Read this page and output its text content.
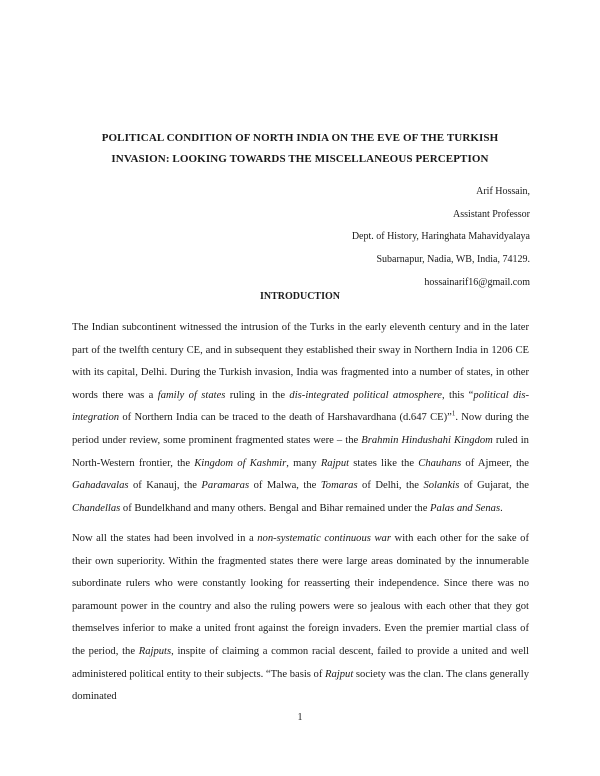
POLITICAL CONDITION OF NORTH INDIA ON THE EVE OF THE TURKISH
INVASION: LOOKING TOWARDS THE MISCELLANEOUS PERCEPTION
Arif Hossain,
Assistant Professor
Dept. of History, Haringhata Mahavidyalaya
Subarnapur, Nadia, WB, India, 74129.
hossainarif16@gmail.com
INTRODUCTION
The Indian subcontinent witnessed the intrusion of the Turks in the early eleventh century and in the later part of the twelfth century CE, and in subsequent they established their sway in Northern India in 1206 CE with its capital, Delhi. During the Turkish invasion, India was fragmented into a number of states, in other words there was a family of states ruling in the dis-integrated political atmosphere, this “political dis-integration of Northern India can be traced to the death of Harshavardhana (d.647 CE)”$^1$. Now during the period under review, some prominent fragmented states were – the Brahmin Hindushahi Kingdom ruled in North-Western frontier, the Kingdom of Kashmir, many Rajput states like the Chauhans of Ajmeer, the Gahadavalas of Kanauj, the Paramaras of Malwa, the Tomaras of Delhi, the Solankis of Gujarat, the Chandellas of Bundelkhand and many others. Bengal and Bihar remained under the Palas and Senas.
Now all the states had been involved in a non-systematic continuous war with each other for the sake of their own superiority. Within the fragmented states there were large areas dominated by the innumerable subordinate rulers who were constantly looking for reasserting their independence. Since there was no paramount power in the country and also the ruling powers were so jealous with each other that they got themselves inferior to make a united front against the foreign invaders. Even the premier martial class of the period, the Rajputs, inspite of claiming a common racial descent, failed to provide a united and well administered political entity to their subjects. “The basis of Rajput society was the clan. The clans generally dominated
1
